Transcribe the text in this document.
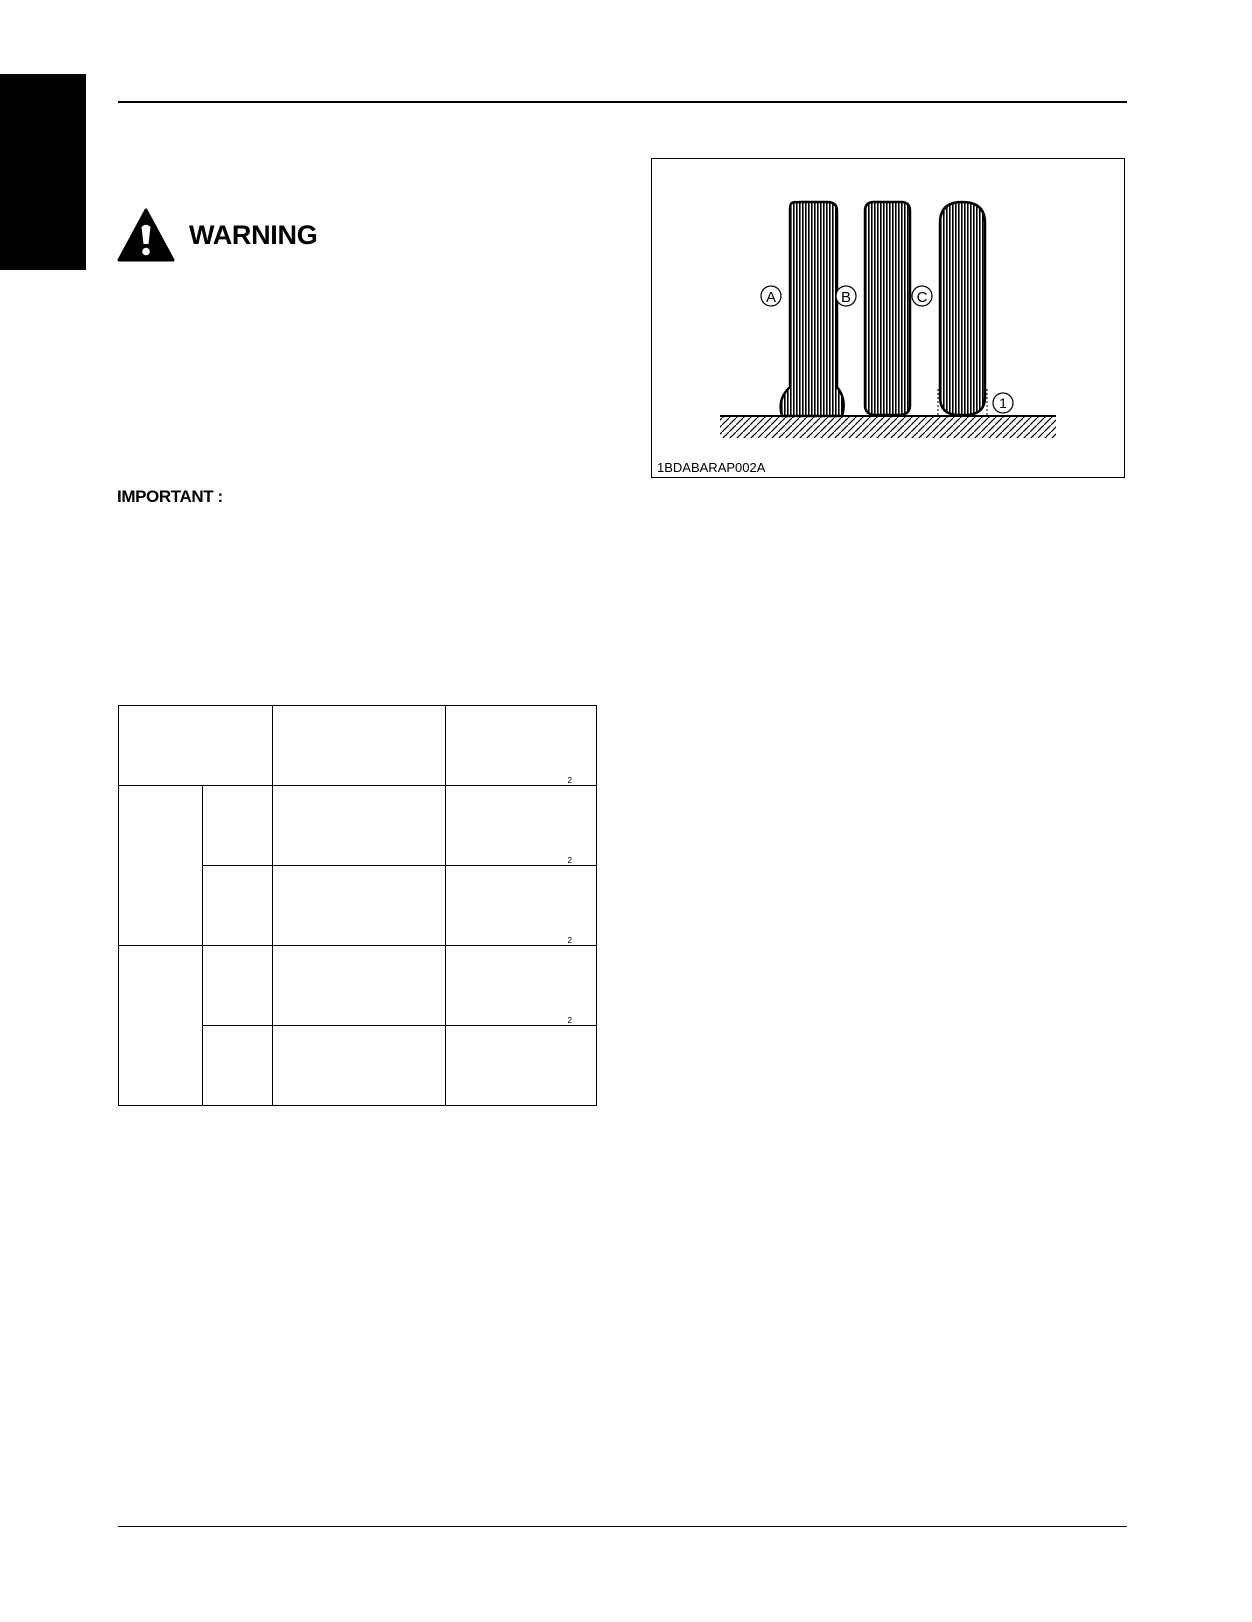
WARNING
IMPORTANT :
A	B	C
1
1BDABARAP002A

			2

			2

			2

			2
